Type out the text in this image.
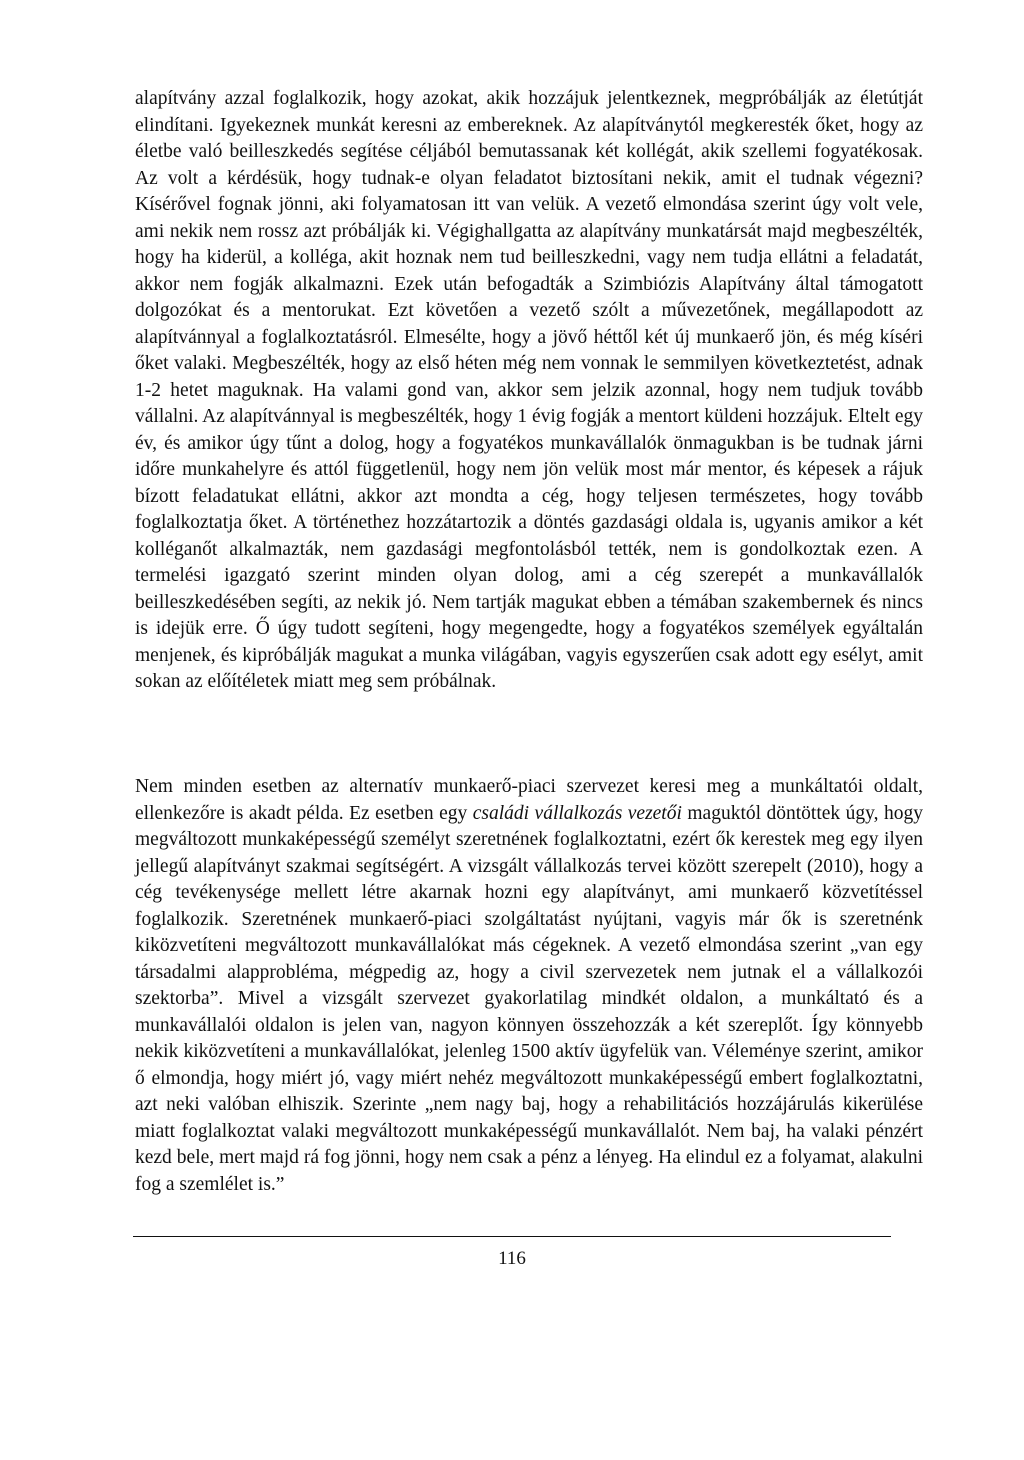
alapítvány azzal foglalkozik, hogy azokat, akik hozzájuk jelentkeznek, megpróbálják az életútját elindítani. Igyekeznek munkát keresni az embereknek. Az alapítványtól megkeresték őket, hogy az életbe való beilleszkedés segítése céljából bemutassanak két kollégát, akik szellemi fogyatékosak. Az volt a kérdésük, hogy tudnak-e olyan feladatot biztosítani nekik, amit el tudnak végezni? Kísérővel fognak jönni, aki folyamatosan itt van velük. A vezető elmondása szerint úgy volt vele, ami nekik nem rossz azt próbálják ki. Végighallgatta az alapítvány munkatársát majd megbeszélték, hogy ha kiderül, a kolléga, akit hoznak nem tud beilleszkedni, vagy nem tudja ellátni a feladatát, akkor nem fogják alkalmazni. Ezek után befogadták a Szimbiózis Alapítvány által támogatott dolgozókat és a mentorukat. Ezt követően a vezető szólt a művezetőnek, megállapodott az alapítvánnyal a foglalkoztatásról. Elmesélte, hogy a jövő héttől két új munkaerő jön, és még kíséri őket valaki. Megbeszélték, hogy az első héten még nem vonnak le semmilyen következtetést, adnak 1-2 hetet maguknak. Ha valami gond van, akkor sem jelzik azonnal, hogy nem tudjuk tovább vállalni. Az alapítvánnyal is megbeszélték, hogy 1 évig fogják a mentort küldeni hozzájuk. Eltelt egy év, és amikor úgy tűnt a dolog, hogy a fogyatékos munkavállalók önmagukban is be tudnak járni időre munkahelyre és attól függetlenül, hogy nem jön velük most már mentor, és képesek a rájuk bízott feladatukat ellátni, akkor azt mondta a cég, hogy teljesen természetes, hogy tovább foglalkoztatja őket. A történethez hozzátartozik a döntés gazdasági oldala is, ugyanis amikor a két kolléganőt alkalmazták, nem gazdasági megfontolásból tették, nem is gondolkoztak ezen. A termelési igazgató szerint minden olyan dolog, ami a cég szerepét a munkavállalók beilleszkedésében segíti, az nekik jó. Nem tartják magukat ebben a témában szakembernek és nincs is idejük erre. Ő úgy tudott segíteni, hogy megengedte, hogy a fogyatékos személyek egyáltalán menjenek, és kipróbálják magukat a munka világában, vagyis egyszerűen csak adott egy esélyt, amit sokan az előítéletek miatt meg sem próbálnak.
Nem minden esetben az alternatív munkaerő-piaci szervezet keresi meg a munkáltatói oldalt, ellenkezőre is akadt példa. Ez esetben egy családi vállalkozás vezetői maguktól döntöttek úgy, hogy megváltozott munkaképességű személyt szeretnének foglalkoztatni, ezért ők kerestek meg egy ilyen jellegű alapítványt szakmai segítségért. A vizsgált vállalkozás tervei között szerepelt (2010), hogy a cég tevékenysége mellett létre akarnak hozni egy alapítványt, ami munkaerő közvetítéssel foglalkozik. Szeretnének munkaerő-piaci szolgáltatást nyújtani, vagyis már ők is szeretnénk kiközvetíteni megváltozott munkavállalókat más cégeknek. A vezető elmondása szerint „van egy társadalmi alapprobléma, mégpedig az, hogy a civil szervezetek nem jutnak el a vállalkozói szektorba”. Mivel a vizsgált szervezet gyakorlatilag mindkét oldalon, a munkáltató és a munkavállalói oldalon is jelen van, nagyon könnyen összehozzák a két szereplőt. Így könnyebb nekik kiközvetíteni a munkavállalókat, jelenleg 1500 aktív ügyfelük van. Véleménye szerint, amikor ő elmondja, hogy miért jó, vagy miért nehéz megváltozott munkaképességű embert foglalkoztatni, azt neki valóban elhiszik. Szerinte „nem nagy baj, hogy a rehabilitációs hozzájárulás kikerülése miatt foglalkoztat valaki megváltozott munkaképességű munkavállalót. Nem baj, ha valaki pénzért kezd bele, mert majd rá fog jönni, hogy nem csak a pénz a lényeg. Ha elindul ez a folyamat, alakulni fog a szemlélet is.”
116
